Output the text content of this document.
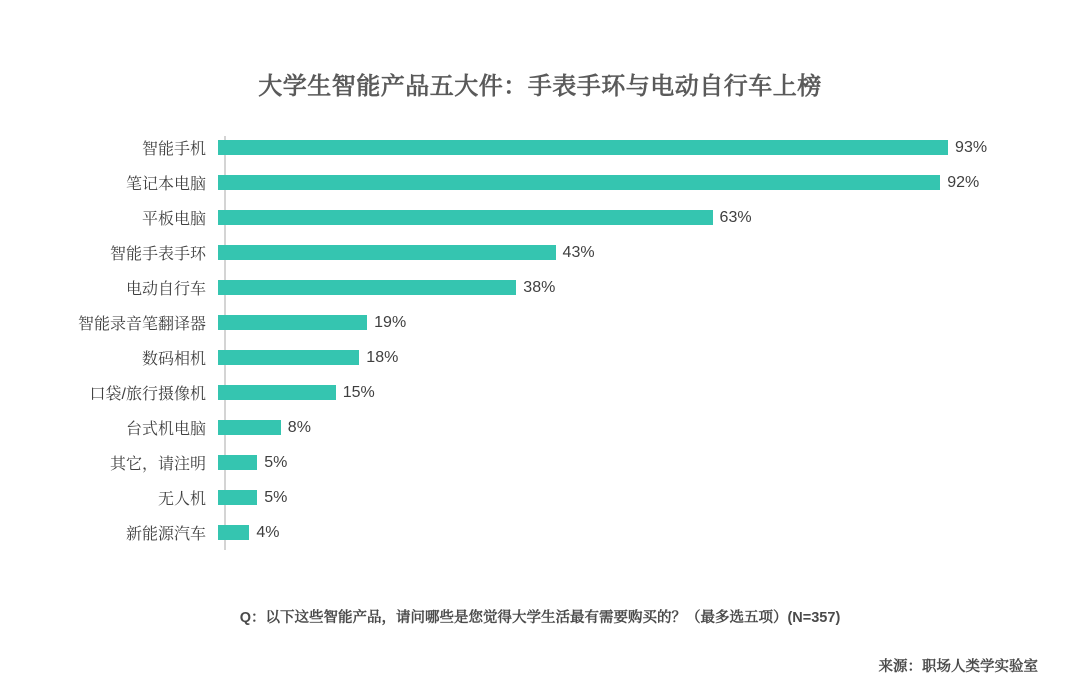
大学生智能产品五大件：手表手环与电动自行车上榜
智能手机	93%
笔记本电脑	92%
平板电脑	63%
智能手表手环	43%
电动自行车	38%
智能录音笔翻译器	19%
数码相机	18%
口袋/旅行摄像机	15%
台式机电脑	8%
其它，请注明	5%
无人机	5%
新能源汽车	4%
Q：以下这些智能产品，请问哪些是您觉得大学生活最有需要购买的？（最多选五项）(N=357)
来源：职场人类学实验室
